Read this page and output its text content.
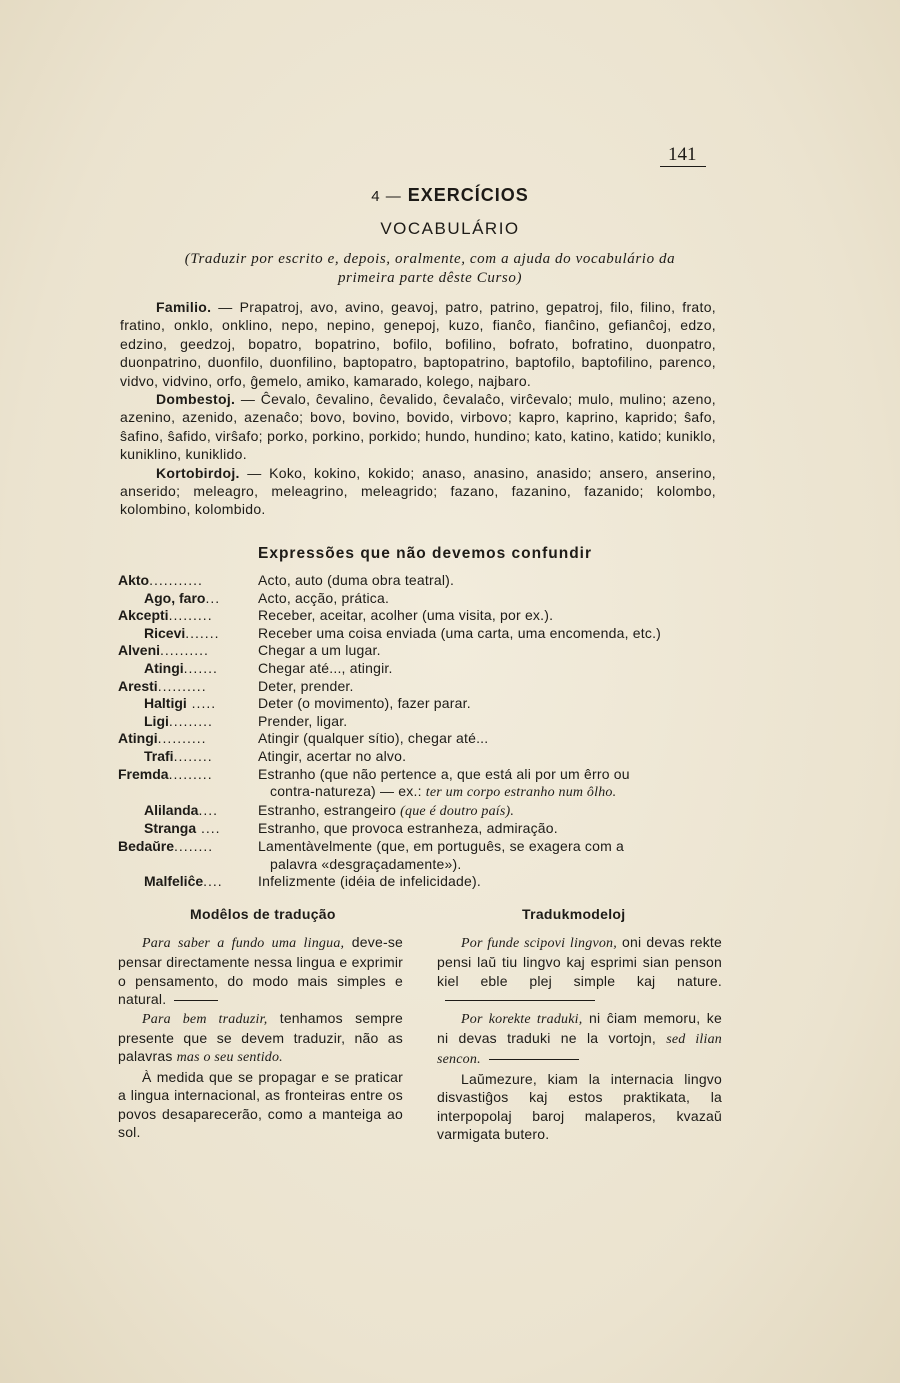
141
4 — EXERCÍCIOS
VOCABULÁRIO
(Traduzir por escrito e, depois, oralmente, com a ajuda do vocabulário da primeira parte dêste Curso)

Familio. — Prapatroj, avo, avino, geavoj, patro, patrino, gepatroj, filo, filino, frato, fratino, onklo, onklino, nepo, nepino, genepoj, kuzo, fianĉo, fianĉino, gefianĉoj, edzo, edzino, geedzoj, bopatro, bopatrino, bofilo, bofilino, bofrato, bofratino, duonpatro, duonpatrino, duonfilo, duonfilino, baptopatro, baptopatrino, baptofilo, baptofilino, parenco, vidvo, vidvino, orfo, ĝemelo, amiko, kamarado, kolego, najbaro.

Dombestoj. — Ĉevalo, ĉevalino, ĉevalido, ĉevalaĉo, virĉevalo; mulo, mulino; azeno, azenino, azenido, azenaĉo; bovo, bovino, bovido, virbovo; kapro, kaprino, kaprido; ŝafo, ŝafino, ŝafido, virŝafo; porko, porkino, porkido; hundo, hundino; kato, katino, katido; kuniklo, kuniklino, kuniklido.

Kortobirdoj. — Koko, kokino, kokido; anaso, anasino, anasido; ansero, anserino, anserido; meleagro, meleagrino, meleagrido; fazano, fazanino, fazanido; kolombo, kolombino, kolombido.

Expressões que não devemos confundir
Akto...........	Acto, auto (duma obra teatral).
Ago, faro...	Acto, acção, prática.
Akcepti.........	Receber, aceitar, acolher (uma visita, por ex.).
Ricevi.......	Receber uma coisa enviada (uma carta, uma encomenda, etc.)
Alveni..........	Chegar a um lugar.
Atingi.......	Chegar até..., atingir.
Aresti..........	Deter, prender.
Haltigi .....	Deter (o movimento), fazer parar.
Ligi.........	Prender, ligar.
Atingi..........	Atingir (qualquer sítio), chegar até...
Trafi........	Atingir, acertar no alvo.
Fremda.........	Estranho (que não pertence a, que está ali por um êrro ou
contra-natureza) — ex.: ter um corpo estranho num ôlho.
Alilanda....	Estranho, estrangeiro (que é doutro país).
Stranga ....	Estranho, que provoca estranheza, admiração.
Bedaŭre........	Lamentàvelmente (que, em português, se exagera com a
palavra «desgraçadamente»).
Malfeliĉe....	Infelizmente (idéia de infelicidade).
Modêlos de tradução	Tradukmodeloj

Para saber a fundo uma lingua, deve-se pensar directamente nessa lingua e exprimir o pensamento, do modo mais simples e natural.

Para bem traduzir, tenhamos sempre presente que se devem traduzir, não as palavras mas o seu sentido.

À medida que se propagar e se praticar a lingua internacional, as fronteiras entre os povos desaparecerão, como a manteiga ao sol.

Por funde scipovi lingvon, oni devas rekte pensi laŭ tiu lingvo kaj esprimi sian penson kiel eble plej simple kaj nature.

Por korekte traduki, ni ĉiam memoru, ke ni devas traduki ne la vortojn, sed ilian sencon.

Laŭmezure, kiam la internacia lingvo disvastiĝos kaj estos praktikata, la interpopolaj baroj malaperos, kvazaŭ varmigata butero.
